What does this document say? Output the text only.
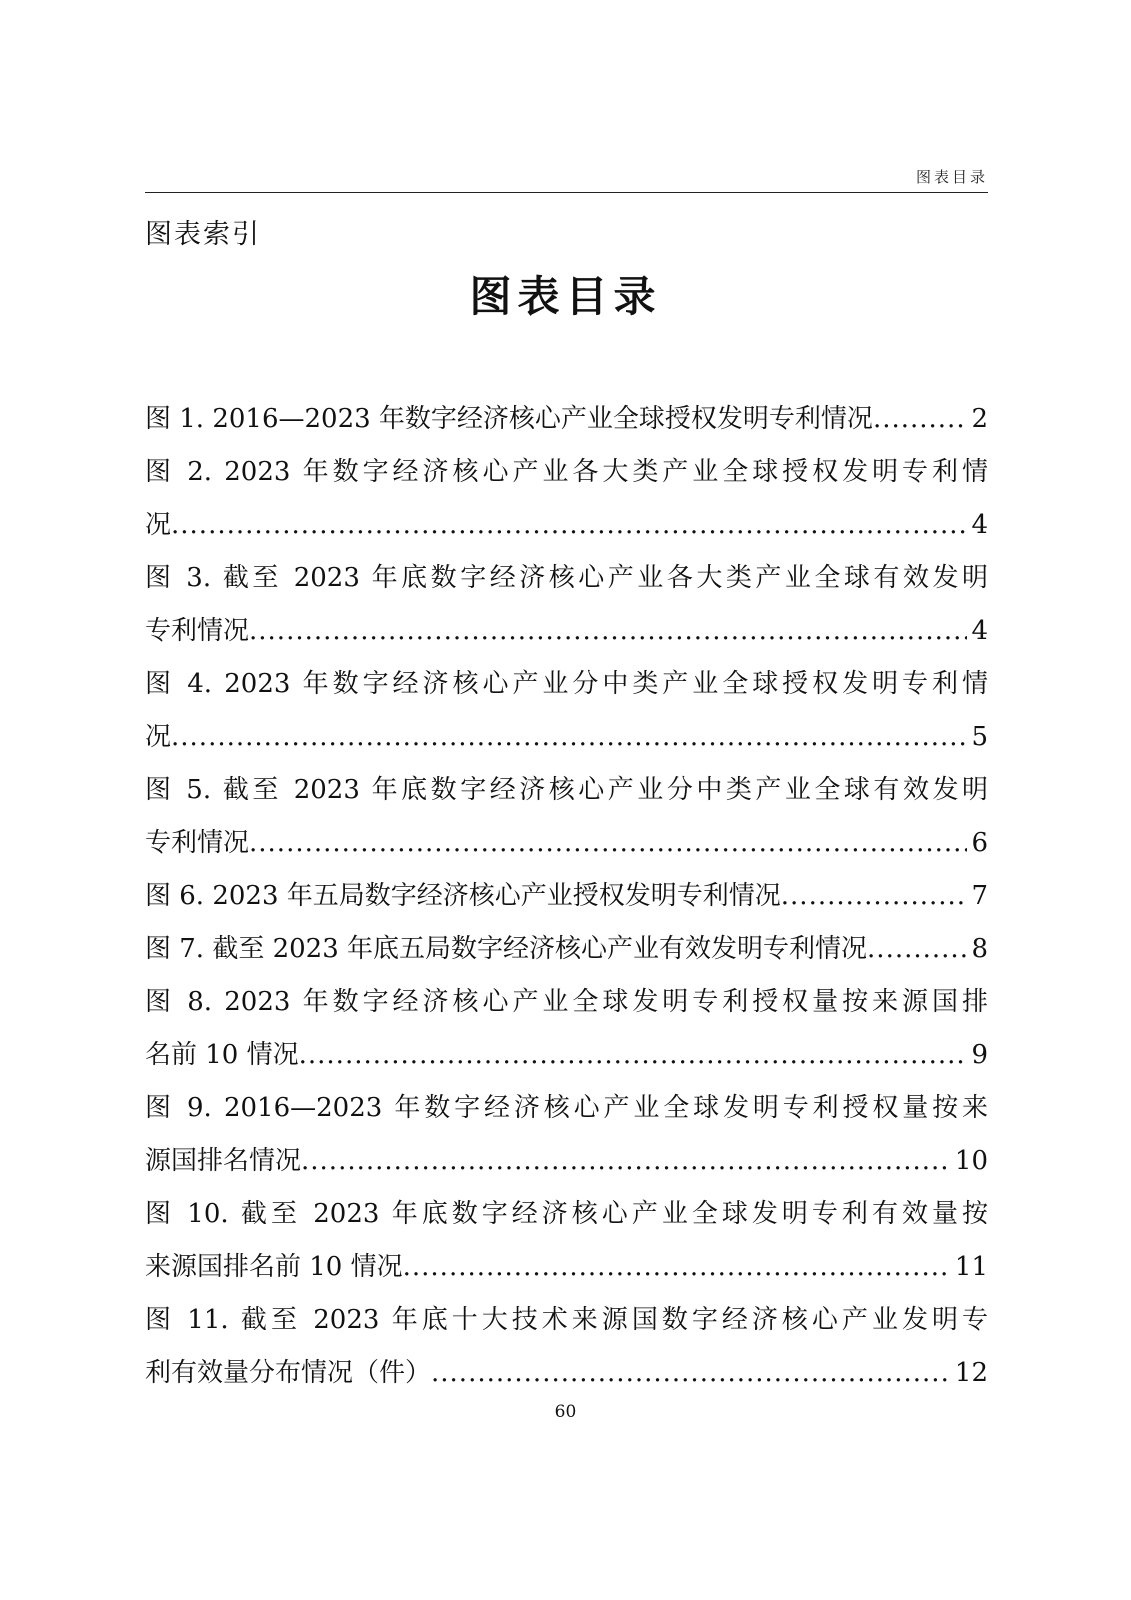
图表目录
图表索引
图表目录
图 1. 2016—2023 年数字经济核心产业全球授权发明专利情况 .....	2
图 2. 2023 年数字经济核心产业各大类产业全球授权发明专利情
况 .....	4
图 3. 截至 2023 年底数字经济核心产业各大类产业全球有效发明
专利情况 .....	4
图 4. 2023 年数字经济核心产业分中类产业全球授权发明专利情
况 .....	5
图 5. 截至 2023 年底数字经济核心产业分中类产业全球有效发明
专利情况 .....	6
图 6. 2023 年五局数字经济核心产业授权发明专利情况 .....	7
图 7. 截至 2023 年底五局数字经济核心产业有效发明专利情况 .....	8
图 8. 2023 年数字经济核心产业全球发明专利授权量按来源国排
名前 10 情况 .....	9
图 9. 2016—2023 年数字经济核心产业全球发明专利授权量按来
源国排名情况 .....	10
图 10. 截至 2023 年底数字经济核心产业全球发明专利有效量按
来源国排名前 10 情况 .....	11
图 11. 截至 2023 年底十大技术来源国数字经济核心产业发明专
利有效量分布情况（件） .....	12
60
